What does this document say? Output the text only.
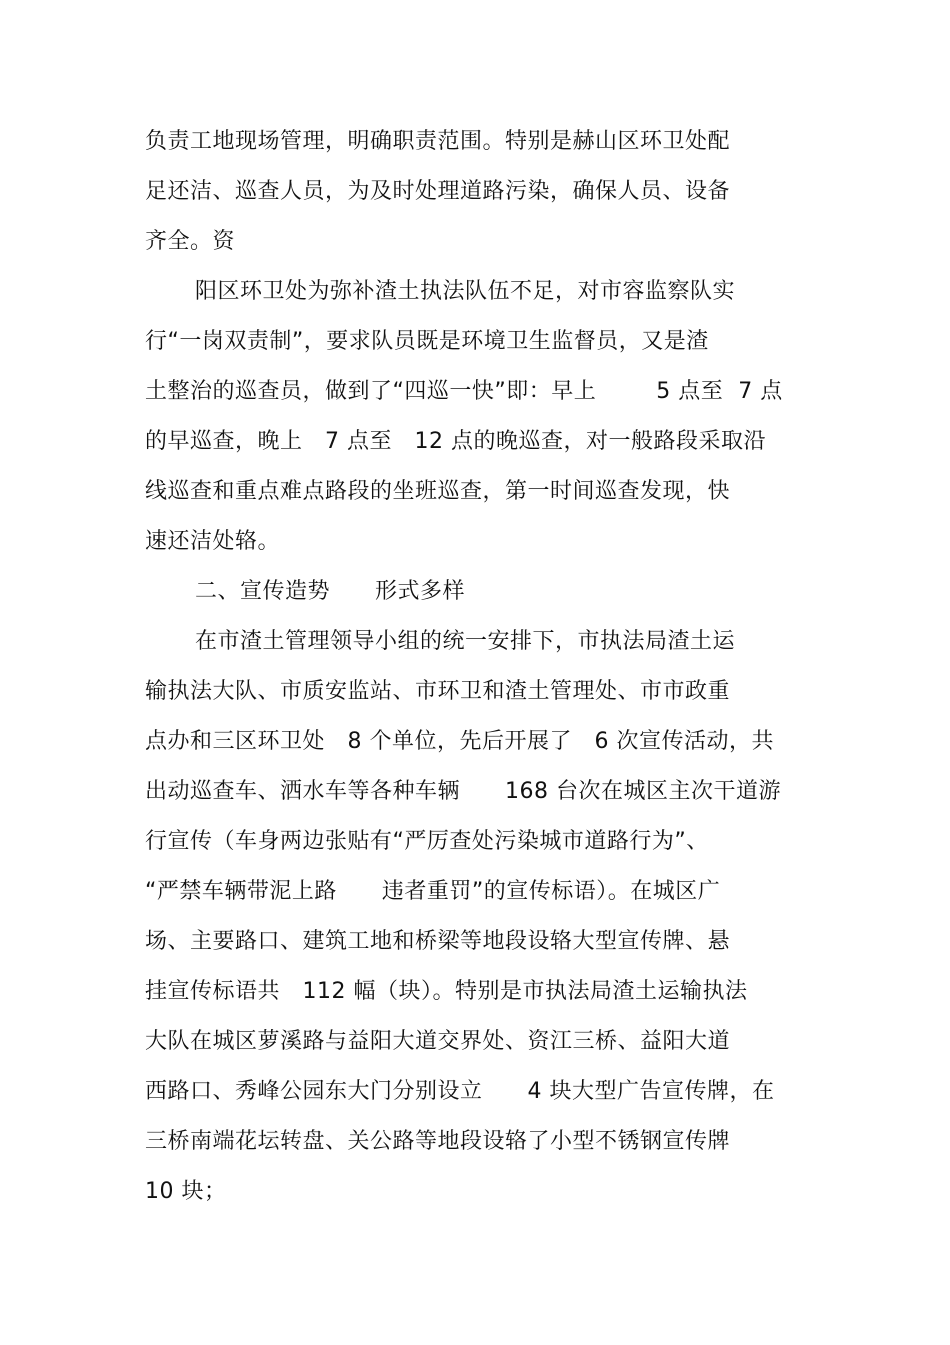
负责工地现场管理，明确职责范围。特别是赫山区环卫处配
足还洁、巡查人员，为及时处理道路污染，确保人员、设备
齐全。资
阳区环卫处为弥补渣土执法队伍不足，对市容监察队实
行“一岗双责制”，要求队员既是环境卫生监督员，又是渣
土整治的巡查员，做到了“四巡一快”即：早上　　  5 点至  7 点
的早巡查，晚上　7 点至　12 点的晚巡查，对一般路段采取沿
线巡查和重点难点路段的坐班巡查，第一时间巡查发现，快
速还洁处辂。
二、宣传造势　　形式多样
在市渣土管理领导小组的统一安排下，市执法局渣土运
输执法大队、市质安监站、市环卫和渣土管理处、市市政重
点办和三区环卫处　8 个单位，先后开展了　6 次宣传活动，共
出动巡查车、洒水车等各种车辆　　168 台次在城区主次干道游
行宣传（车身两边张贴有“严厉查处污染城市道路行为”、
“严禁车辆带泥上路　　违者重罚”的宣传标语）。在城区广
场、主要路口、建筑工地和桥梁等地段设辂大型宣传牌、悬
挂宣传标语共　112 幅（块）。特别是市执法局渣土运输执法
大队在城区萝溪路与益阳大道交界处、资江三桥、益阳大道
西路口、秀峰公园东大门分别设立　　4 块大型广告宣传牌，在
三桥南端花坛转盘、关公路等地段设辂了小型不锈钢宣传牌
10 块；
